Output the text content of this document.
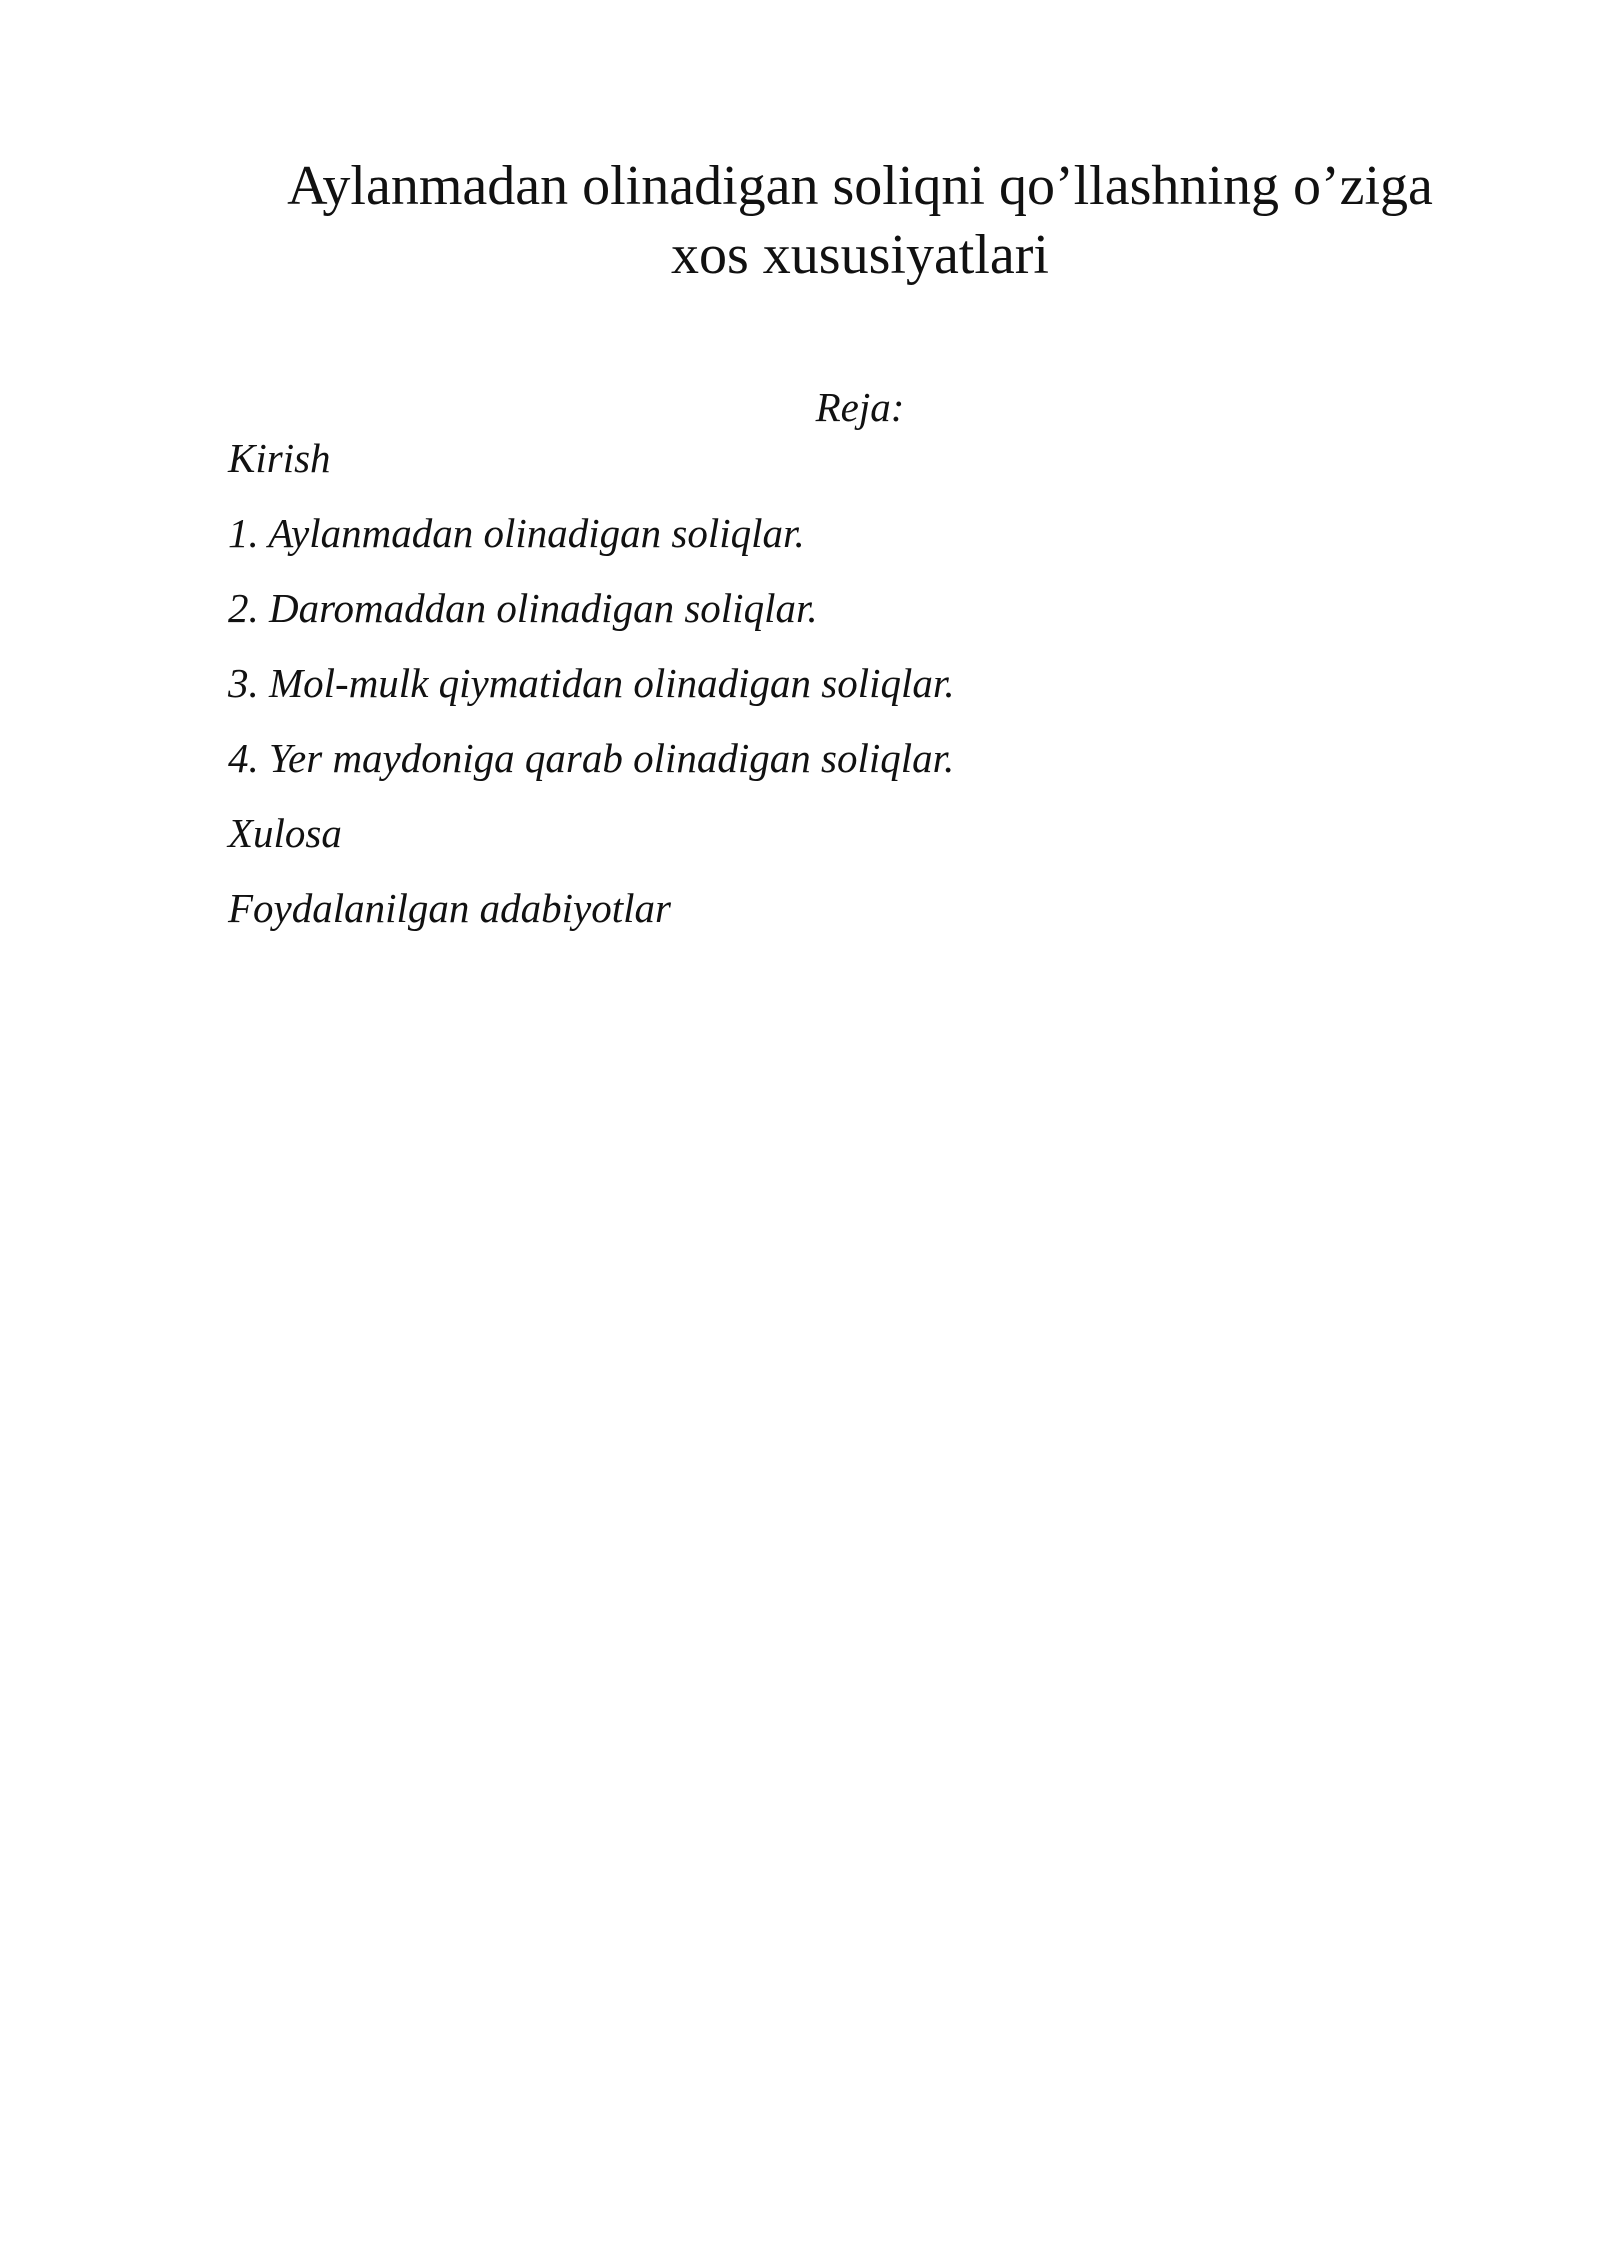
Aylanmadan olinadigan soliqni qo’llashning o’ziga
xos xususiyatlari

Reja:

Kirish
1. Aylanmadan olinadigan soliqlar.
2. Daromaddan olinadigan soliqlar.
3. Mol-mulk qiymatidan olinadigan soliqlar.
4. Yer maydoniga qarab olinadigan soliqlar.
Xulosa
Foydalanilgan adabiyotlar
